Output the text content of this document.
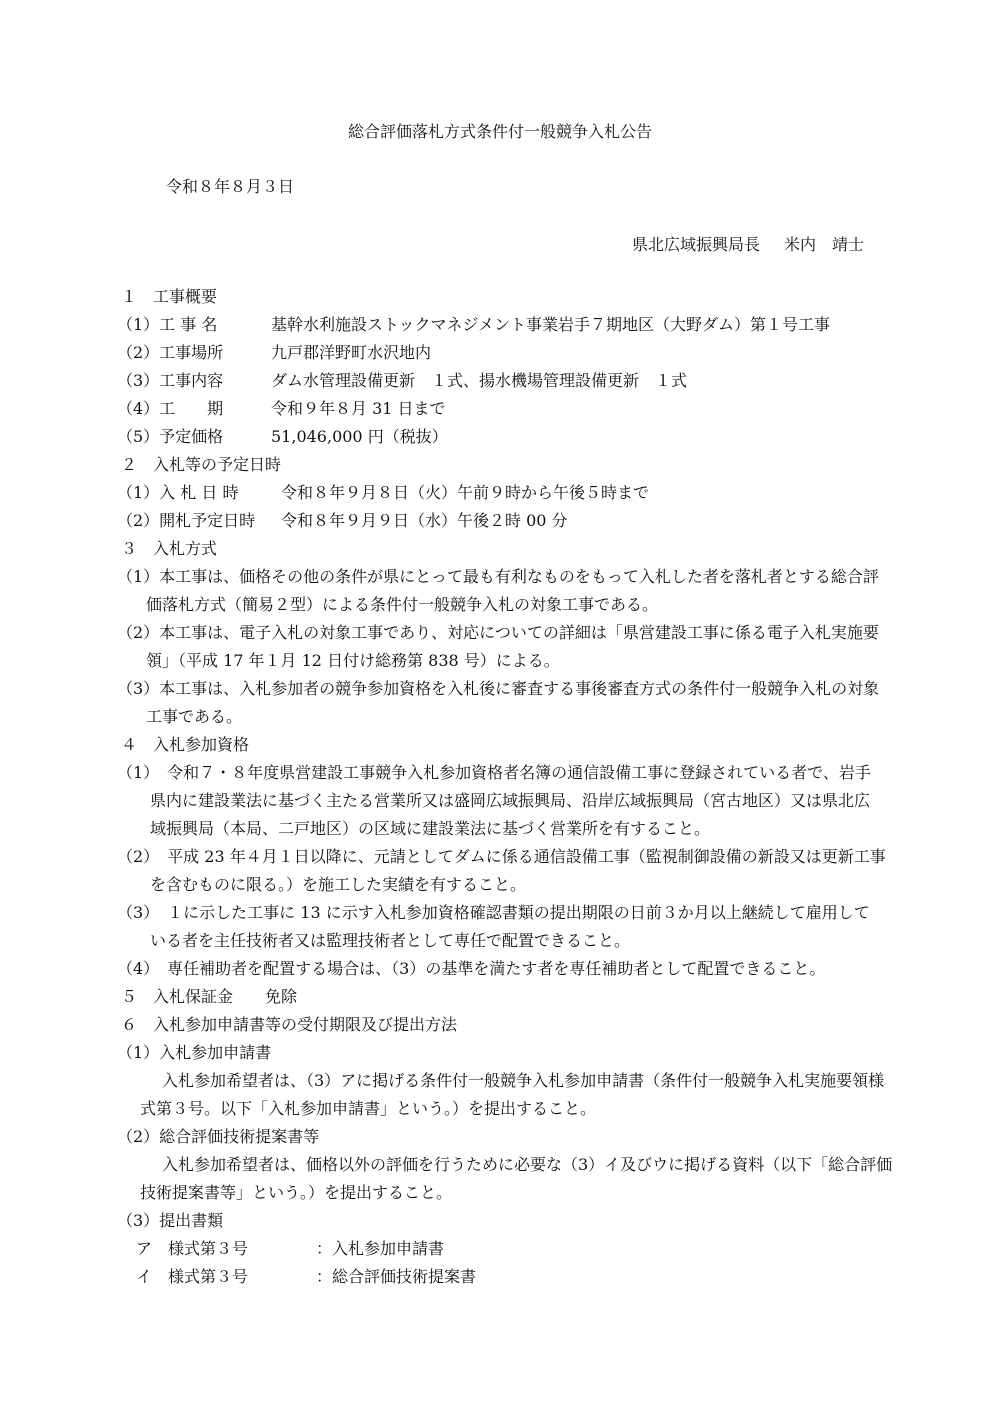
総合評価落札方式条件付一般競争入札公告
令和８年８月３日
県北広域振興局長 米内　靖士
１　工事概要
（1）工 事 名	基幹水利施設ストックマネジメント事業岩手７期地区（大野ダム）第１号工事
（2）工事場所	九戸郡洋野町水沢地内
（3）工事内容	ダム水管理設備更新　１式、揚水機場管理設備更新　１式
（4）工　　期	令和９年８月 31 日まで
（5）予定価格	51,046,000 円（税抜）
２　入札等の予定日時
（1）入 札 日 時	令和８年９月８日（火）午前９時から午後５時まで
（2）開札予定日時 令和８年９月９日（水）午後２時 00 分
３　入札方式
（1）本工事は、価格その他の条件が県にとって最も有利なものをもって入札した者を落札者とする総合評
価落札方式（簡易２型）による条件付一般競争入札の対象工事である。
（2）本工事は、電子入札の対象工事であり、対応についての詳細は「県営建設工事に係る電子入札実施要
領」（平成 17 年１月 12 日付け総務第 838 号）による。
（3）本工事は、入札参加者の競争参加資格を入札後に審査する事後審査方式の条件付一般競争入札の対象
工事である。
４　入札参加資格
（1）　令和７・８年度県営建設工事競争入札参加資格者名簿の通信設備工事に登録されている者で、岩手
県内に建設業法に基づく主たる営業所又は盛岡広域振興局、沿岸広域振興局（宮古地区）又は県北広
域振興局（本局、二戸地区）の区域に建設業法に基づく営業所を有すること。
（2）　平成 23 年４月１日以降に、元請としてダムに係る通信設備工事（監視制御設備の新設又は更新工事
を含むものに限る。）を施工した実績を有すること。
（3）　１に示した工事に 13 に示す入札参加資格確認書類の提出期限の日前３か月以上継続して雇用して
いる者を主任技術者又は監理技術者として専任で配置できること。
（4）　専任補助者を配置する場合は、（3）の基準を満たす者を専任補助者として配置できること。
５　入札保証金 免除
６　入札参加申請書等の受付期限及び提出方法
（1）入札参加申請書
入札参加希望者は、（3）アに掲げる条件付一般競争入札参加申請書（条件付一般競争入札実施要領様
式第３号。以下「入札参加申請書」という。）を提出すること。
（2）総合評価技術提案書等
入札参加希望者は、価格以外の評価を行うために必要な（3）イ及びウに掲げる資料（以下「総合評価
技術提案書等」という。）を提出すること。
（3）提出書類
ア　様式第３号	：入札参加申請書
イ　様式第３号	：総合評価技術提案書
